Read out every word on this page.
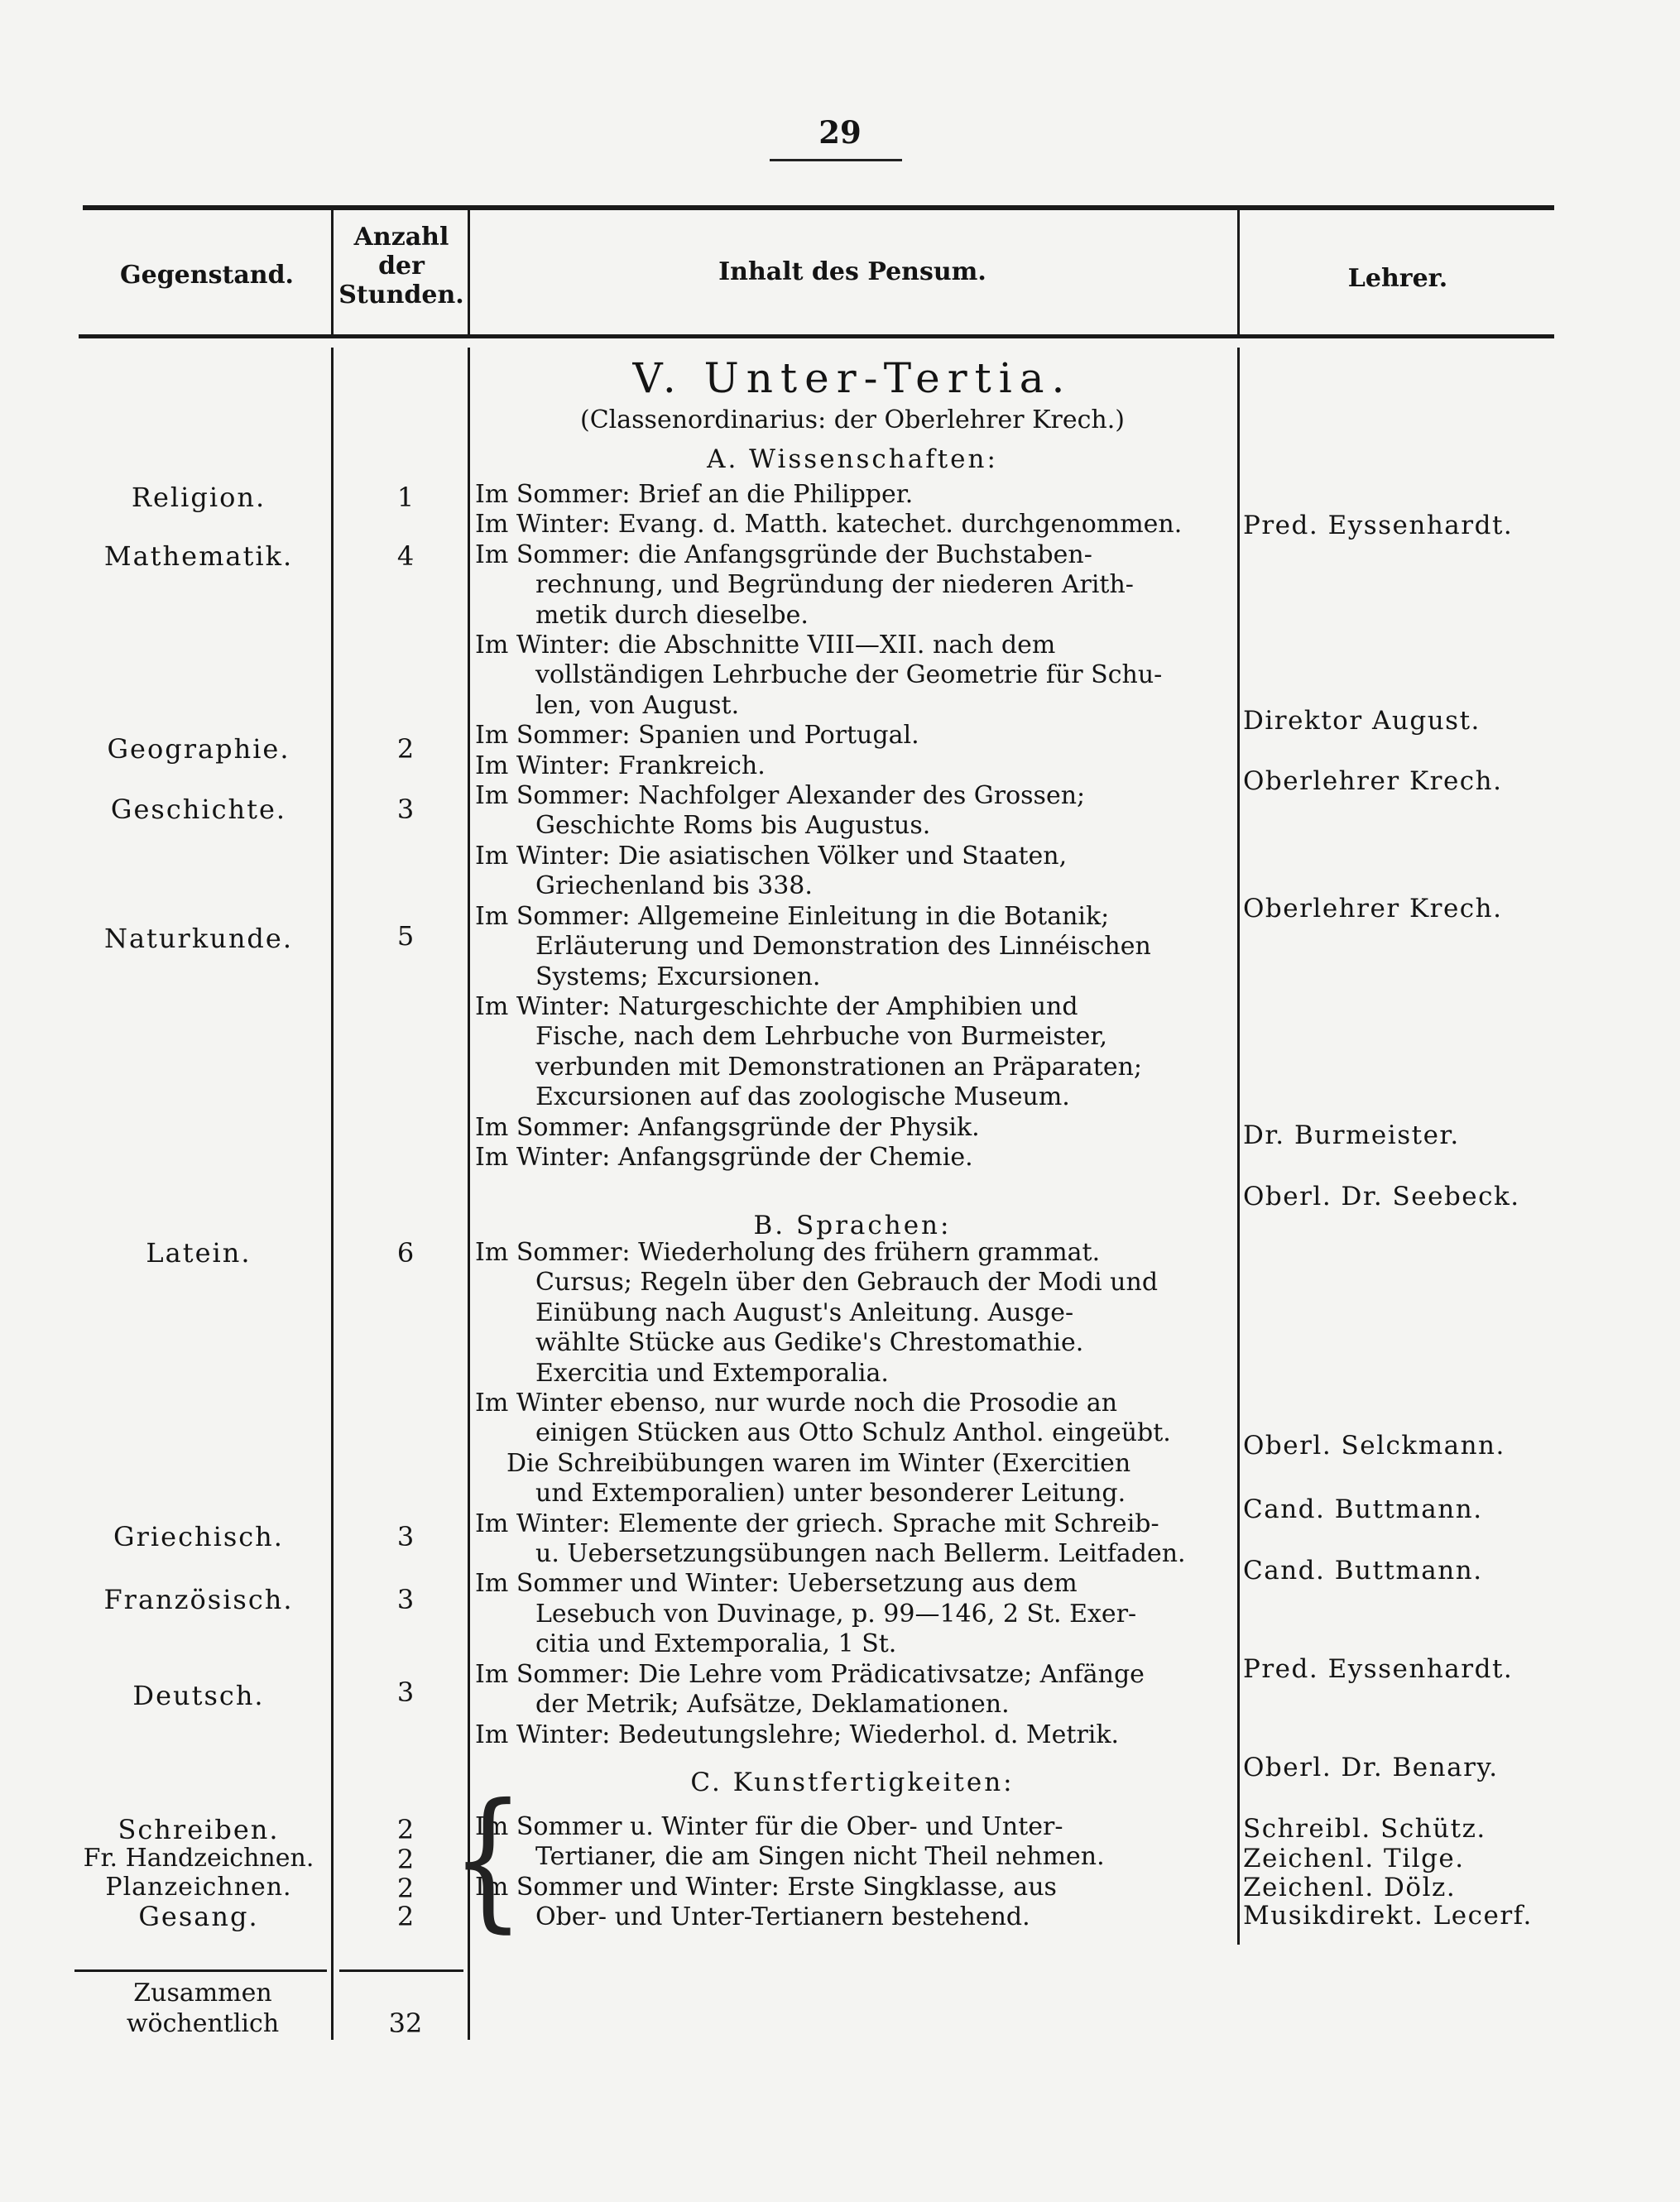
29
Gegenstand.
Anzahl
der
Stunden.
Inhalt des Pensum.	Lehrer.
V. Unter-Tertia.
(Classenordinarius: der Oberlehrer Krech.)
A. Wissenschaften:
B. Sprachen:
C. Kunstfertigkeiten:
Religion.
Mathematik.
Geographie.
Geschichte.
Naturkunde.
Latein.
Griechisch.
Französisch.
Deutsch.
Schreiben.
Fr. Handzeichnen.
Planzeichnen.
Gesang.
1
4
2
3
5
6
3
3
3
2
2
2
2
Im Sommer: Brief an die Philipper.
Im Winter: Evang. d. Matth. katechet. durchgenommen.
Im Sommer: die Anfangsgründe der Buchstaben-
rechnung, und Begründung der niederen Arith-
metik durch dieselbe.
Im Winter: die Abschnitte VIII—XII. nach dem
vollständigen Lehrbuche der Geometrie für Schu-
len, von August.
Im Sommer: Spanien und Portugal.
Im Winter: Frankreich.
Im Sommer: Nachfolger Alexander des Grossen;
Geschichte Roms bis Augustus.
Im Winter: Die asiatischen Völker und Staaten,
Griechenland bis 338.
Im Sommer: Allgemeine Einleitung in die Botanik;
Erläuterung und Demonstration des Linnéischen
Systems; Excursionen.
Im Winter: Naturgeschichte der Amphibien und
Fische, nach dem Lehrbuche von Burmeister,
verbunden mit Demonstrationen an Präparaten;
Excursionen auf das zoologische Museum.
Im Sommer: Anfangsgründe der Physik.
Im Winter: Anfangsgründe der Chemie.
Im Sommer: Wiederholung des frühern grammat.
Cursus; Regeln über den Gebrauch der Modi und
Einübung nach August's Anleitung. Ausge-
wählte Stücke aus Gedike's Chrestomathie.
Exercitia und Extemporalia.
Im Winter ebenso, nur wurde noch die Prosodie an
einigen Stücken aus Otto Schulz Anthol. eingeübt.
Die Schreibübungen waren im Winter (Exercitien
und Extemporalien) unter besonderer Leitung.
Im Winter: Elemente der griech. Sprache mit Schreib-
u. Uebersetzungsübungen nach Bellerm. Leitfaden.
Im Sommer und Winter: Uebersetzung aus dem
Lesebuch von Duvinage, p. 99—146, 2 St. Exer-
citia und Extemporalia, 1 St.
Im Sommer: Die Lehre vom Prädicativsatze; Anfänge
der Metrik; Aufsätze, Deklamationen.
Im Winter: Bedeutungslehre; Wiederhol. d. Metrik.
Im Sommer u. Winter für die Ober- und Unter-
Tertianer, die am Singen nicht Theil nehmen.
Im Sommer und Winter: Erste Singklasse, aus
Ober- und Unter-Tertianern bestehend.
{
Pred. Eyssenhardt.
Direktor August.
Oberlehrer Krech.
Oberlehrer Krech.
Dr. Burmeister.
Oberl. Dr. Seebeck.
Oberl. Selckmann.
Cand. Buttmann.
Cand. Buttmann.
Pred. Eyssenhardt.
Oberl. Dr. Benary.
Schreibl. Schütz.
Zeichenl. Tilge.
Zeichenl. Dölz.
Musikdirekt. Lecerf.
Zusammen
wöchentlich	32
